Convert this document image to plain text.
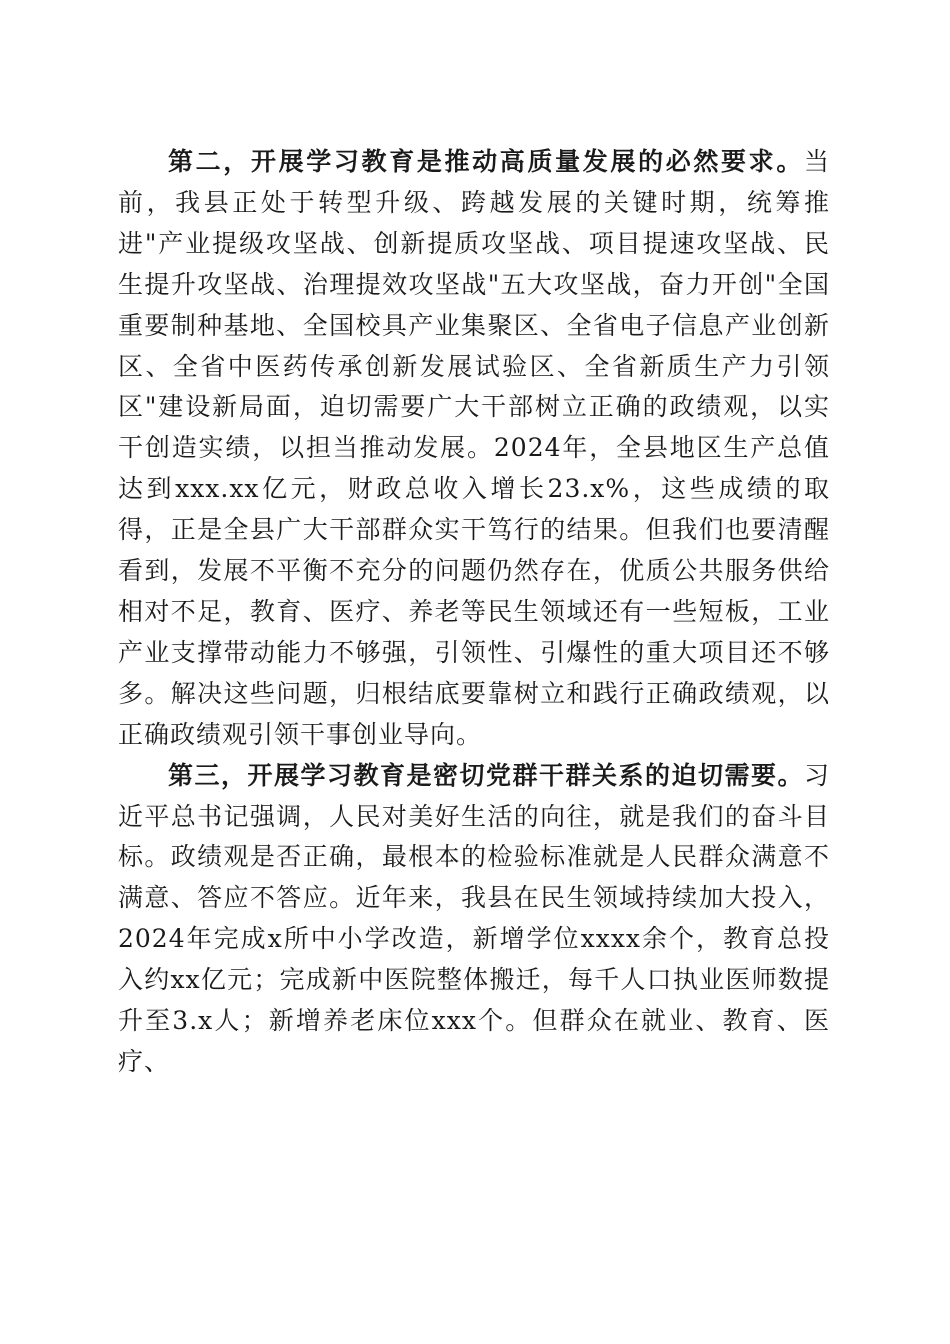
第二，开展学习教育是推动高质量发展的必然要求。当前，我县正处于转型升级、跨越发展的关键时期，统筹推进"产业提级攻坚战、创新提质攻坚战、项目提速攻坚战、民生提升攻坚战、治理提效攻坚战"五大攻坚战，奋力开创"全国重要制种基地、全国校具产业集聚区、全省电子信息产业创新区、全省中医药传承创新发展试验区、全省新质生产力引领区"建设新局面，迫切需要广大干部树立正确的政绩观，以实干创造实绩，以担当推动发展。2024年，全县地区生产总值达到xxx.xx亿元，财政总收入增长23.x%，这些成绩的取得，正是全县广大干部群众实干笃行的结果。但我们也要清醒看到，发展不平衡不充分的问题仍然存在，优质公共服务供给相对不足，教育、医疗、养老等民生领域还有一些短板，工业产业支撑带动能力不够强，引领性、引爆性的重大项目还不够多。解决这些问题，归根结底要靠树立和践行正确政绩观，以正确政绩观引领干事创业导向。

第三，开展学习教育是密切党群干群关系的迫切需要。习近平总书记强调，人民对美好生活的向往，就是我们的奋斗目标。政绩观是否正确，最根本的检验标准就是人民群众满意不满意、答应不答应。近年来，我县在民生领域持续加大投入，2024年完成x所中小学改造，新增学位xxxx余个，教育总投入约xx亿元；完成新中医院整体搬迁，每千人口执业医师数提升至3.x人；新增养老床位xxx个。但群众在就业、教育、医疗、
